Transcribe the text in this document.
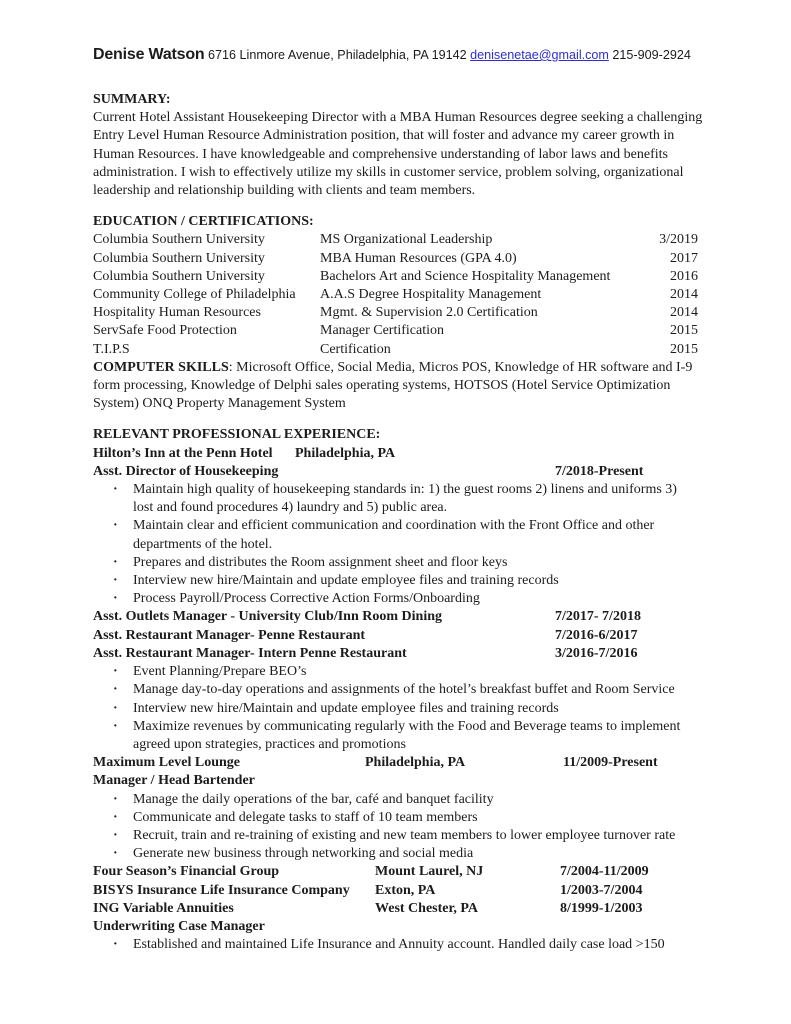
Denise Watson 6716 Linmore Avenue, Philadelphia, PA 19142 denisenetae@gmail.com 215-909-2924
SUMMARY:

Current Hotel Assistant Housekeeping Director with a MBA Human Resources degree seeking a challenging Entry Level Human Resource Administration position, that will foster and advance my career growth in Human Resources. I have knowledgeable and comprehensive understanding of labor laws and benefits administration. I wish to effectively utilize my skills in customer service, problem solving, organizational leadership and relationship building with clients and team members.

EDUCATION / CERTIFICATIONS:
Columbia Southern University	MS Organizational Leadership	3/2019
Columbia Southern University	MBA Human Resources (GPA 4.0)	2017
Columbia Southern University	Bachelors Art and Science Hospitality Management	2016
Community College of Philadelphia	A.A.S Degree Hospitality Management	2014
Hospitality Human Resources	Mgmt. & Supervision 2.0 Certification	2014
ServSafe Food Protection	Manager Certification	2015
T.I.P.S	Certification	2015

COMPUTER SKILLS: Microsoft Office, Social Media, Micros POS, Knowledge of HR software and I-9 form processing, Knowledge of Delphi sales operating systems, HOTSOS (Hotel Service Optimization System) ONQ Property Management System

RELEVANT PROFESSIONAL EXPERIENCE:
Hilton’s Inn at the Penn Hotel Philadelphia, PA
Asst. Director of Housekeeping	7/2018-Present
· Maintain high quality of housekeeping standards in: 1) the guest rooms 2) linens and uniforms 3) lost and found procedures 4) laundry and 5) public area.
· Maintain clear and efficient communication and coordination with the Front Office and other departments of the hotel.
· Prepares and distributes the Room assignment sheet and floor keys
· Interview new hire/Maintain and update employee files and training records
· Process Payroll/Process Corrective Action Forms/Onboarding
Asst. Outlets Manager - University Club/Inn Room Dining	7/2017- 7/2018
Asst. Restaurant Manager- Penne Restaurant	7/2016-6/2017
Asst. Restaurant Manager- Intern Penne Restaurant	3/2016-7/2016
· Event Planning/Prepare BEO’s
· Manage day-to-day operations and assignments of the hotel’s breakfast buffet and Room Service
· Interview new hire/Maintain and update employee files and training records
· Maximize revenues by communicating regularly with the Food and Beverage teams to implement agreed upon strategies, practices and promotions
Maximum Level Lounge	Philadelphia, PA	11/2009-Present
Manager / Head Bartender
· Manage the daily operations of the bar, café and banquet facility
· Communicate and delegate tasks to staff of 10 team members
· Recruit, train and re-training of existing and new team members to lower employee turnover rate
· Generate new business through networking and social media
Four Season’s Financial Group	Mount Laurel, NJ	7/2004-11/2009
BISYS Insurance Life Insurance Company Exton, PA	1/2003-7/2004
ING Variable Annuities	West Chester, PA	8/1999-1/2003
Underwriting Case Manager
· Established and maintained Life Insurance and Annuity account. Handled daily case load >150
